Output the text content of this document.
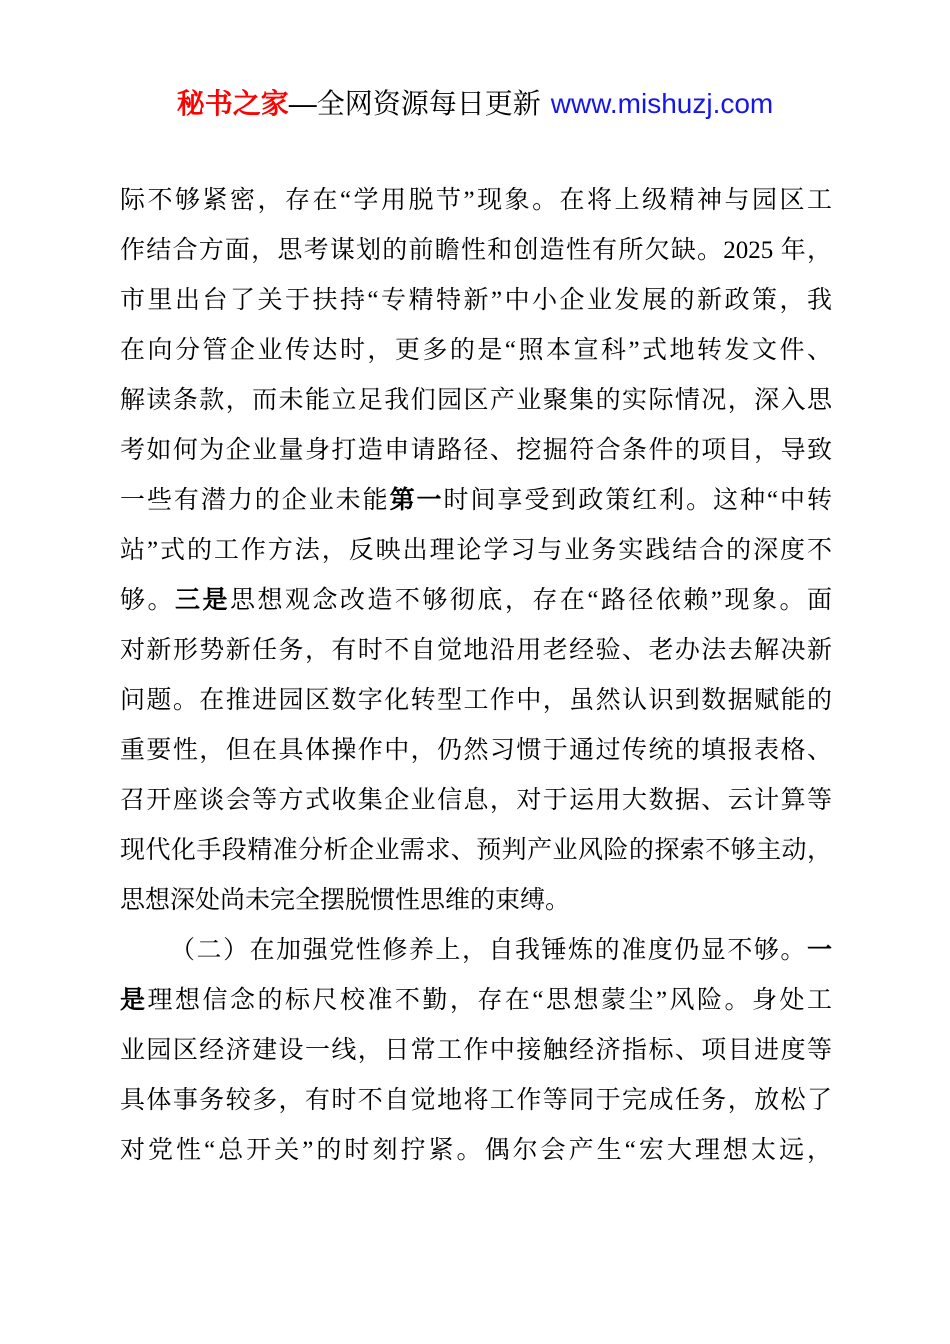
秘书之家—全网资源每日更新 www.mishuzj.com
际不够紧密，存在“学用脱节”现象。在将上级精神与园区工
作结合方面，思考谋划的前瞻性和创造性有所欠缺。2025 年，
市里出台了关于扶持“专精特新”中小企业发展的新政策，我
在向分管企业传达时，更多的是“照本宣科”式地转发文件、
解读条款，而未能立足我们园区产业聚集的实际情况，深入思
考如何为企业量身打造申请路径、挖掘符合条件的项目，导致
一些有潜力的企业未能第一时间享受到政策红利。这种“中转
站”式的工作方法，反映出理论学习与业务实践结合的深度不
够。三是思想观念改造不够彻底，存在“路径依赖”现象。面
对新形势新任务，有时不自觉地沿用老经验、老办法去解决新
问题。在推进园区数字化转型工作中，虽然认识到数据赋能的
重要性，但在具体操作中，仍然习惯于通过传统的填报表格、
召开座谈会等方式收集企业信息，对于运用大数据、云计算等
现代化手段精准分析企业需求、预判产业风险的探索不够主动，
思想深处尚未完全摆脱惯性思维的束缚。
（二）在加强党性修养上，自我锤炼的准度仍显不够。一
是理想信念的标尺校准不勤，存在“思想蒙尘”风险。身处工
业园区经济建设一线，日常工作中接触经济指标、项目进度等
具体事务较多，有时不自觉地将工作等同于完成任务，放松了
对党性“总开关”的时刻拧紧。偶尔会产生“宏大理想太远，
